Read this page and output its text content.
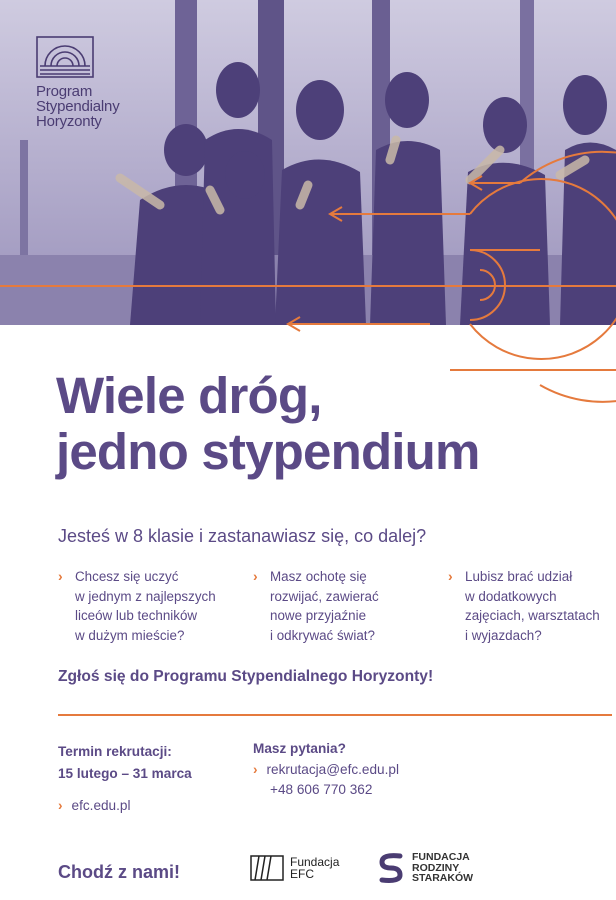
Program
Stypendialny
Horyzonty
Wiele dróg,
jedno stypendium
Jesteś w 8 klasie i zastanawiasz się, co dalej?
› Chcesz się uczyć
w jednym z najlepszych
liceów lub techników
w dużym mieście?
› Masz ochotę się
rozwijać, zawierać
nowe przyjaźnie
i odkrywać świat?
› Lubisz brać udział
w dodatkowych
zajęciach, warsztatach
i wyjazdach?
Zgłoś się do Programu Stypendialnego Horyzonty!
Termin rekrutacji:
15 lutego – 31 marca
Masz pytania?
› rekrutacja@efc.edu.pl
+48 606 770 362
› efc.edu.pl
Chodź z nami!	Fundacja
EFC
FUNDACJA
RODZINY
STARAKÓW
